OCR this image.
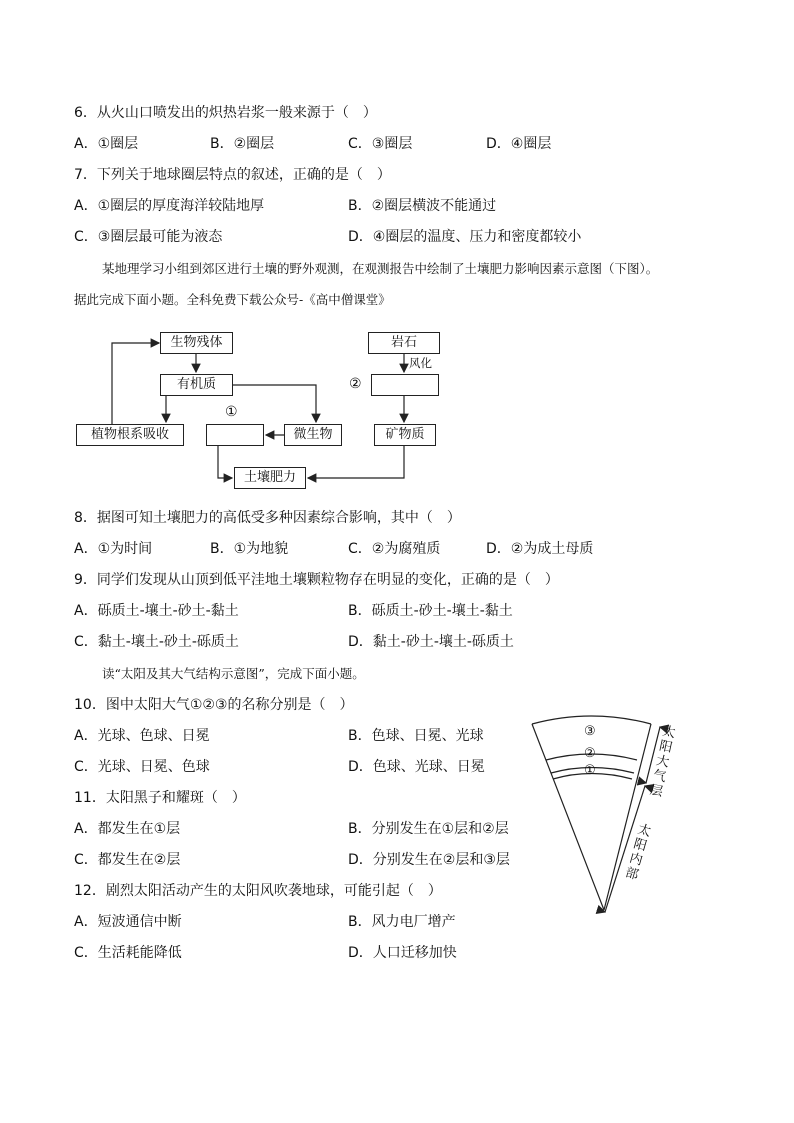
6．从火山口喷发出的炽热岩浆一般来源于（　）
A．①圈层	B．②圈层	C．③圈层	D．④圈层
7．下列关于地球圈层特点的叙述，正确的是（　）
A．①圈层的厚度海洋较陆地厚	B．②圈层横波不能通过
C．③圈层最可能为液态	D．④圈层的温度、压力和密度都较小
某地理学习小组到郊区进行土壤的野外观测，在观测报告中绘制了土壤肥力影响因素示意图（下图）。
据此完成下面小题。全科免费下载公众号-《高中僧课堂》
生物残体
有机质
植物根系吸收
①
微生物
土壤肥力
岩石
风化
②
矿物质
8．据图可知土壤肥力的高低受多种因素综合影响，其中（　）
A．①为时间	B．①为地貌	C．②为腐殖质	D．②为成土母质
9．同学们发现从山顶到低平洼地土壤颗粒物存在明显的变化，正确的是（　）
A．砾质土-壤土-砂土-黏土	B．砾质土-砂土-壤土-黏土
C．黏土-壤土-砂土-砾质土	D．黏土-砂土-壤土-砾质土
读“太阳及其大气结构示意图”，完成下面小题。
10．图中太阳大气①②③的名称分别是（　）
A．光球、色球、日冕	B．色球、日冕、光球
C．光球、日冕、色球	D．色球、光球、日冕
11．太阳黑子和耀斑（　）
A．都发生在①层	B．分别发生在①层和②层
C．都发生在②层	D．分别发生在②层和③层
12．剧烈太阳活动产生的太阳风吹袭地球，可能引起（　）
A．短波通信中断	B．风力电厂增产
C．生活耗能降低	D．人口迁移加快
③
②
①
太阳大气层
太阳内部
